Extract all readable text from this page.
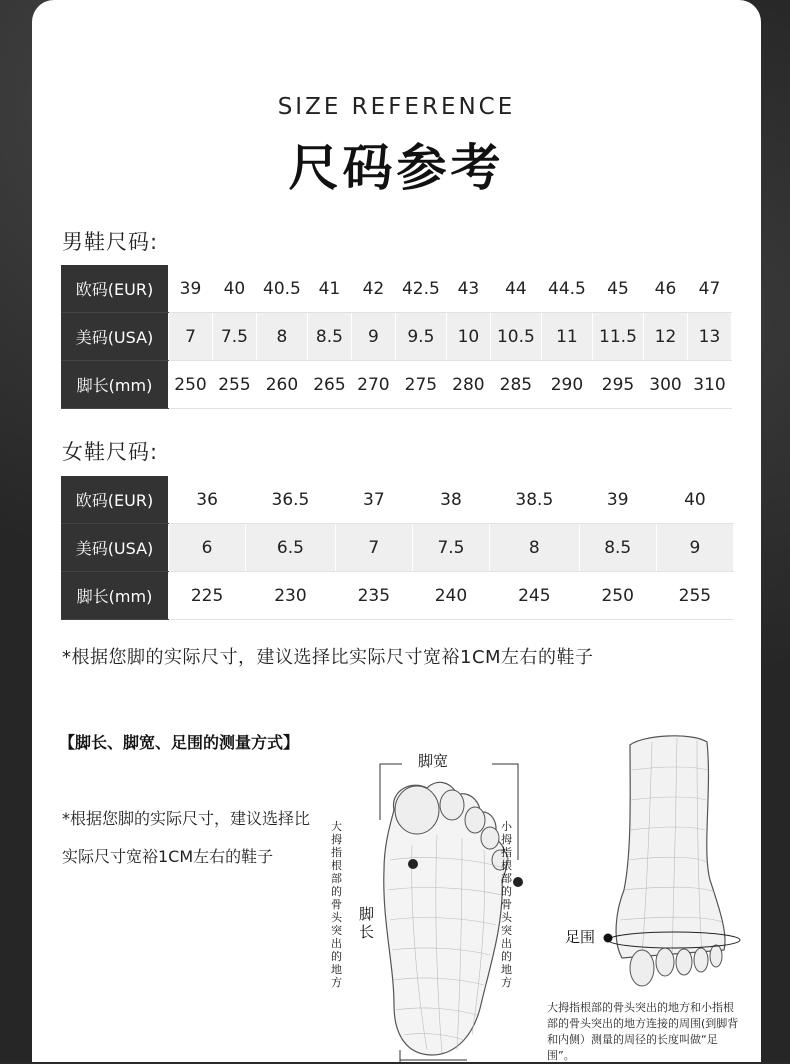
SIZE REFERENCE
尺码参考
男鞋尺码:
欧码(EUR)	39	40	40.5	41	42	42.5	43	44	44.5	45	46	47
美码(USA)	7	7.5	8	8.5	9	9.5	10	10.5	11	11.5	12	13
脚长(mm)	250	255	260	265	270	275	280	285	290	295	300	310
女鞋尺码:
欧码(EUR)	36	36.5	37	38	38.5	39	40
美码(USA)	6	6.5	7	7.5	8	8.5	9
脚长(mm)	225	230	235	240	245	250	255
*根据您脚的实际尺寸，建议选择比实际尺寸宽裕1CM左右的鞋子
【脚长、脚宽、足围的测量方式】
*根据您脚的实际尺寸，建议选择比实际尺寸宽裕1CM左右的鞋子
脚宽
脚长
大拇指根部的骨头突出的地方
小拇指根部的骨头突出的地方
足围
大拇指根部的骨头突出的地方和小指根部的骨头突出的地方连接的周围(到脚背和内侧）测量的周径的长度叫做“足围”。
